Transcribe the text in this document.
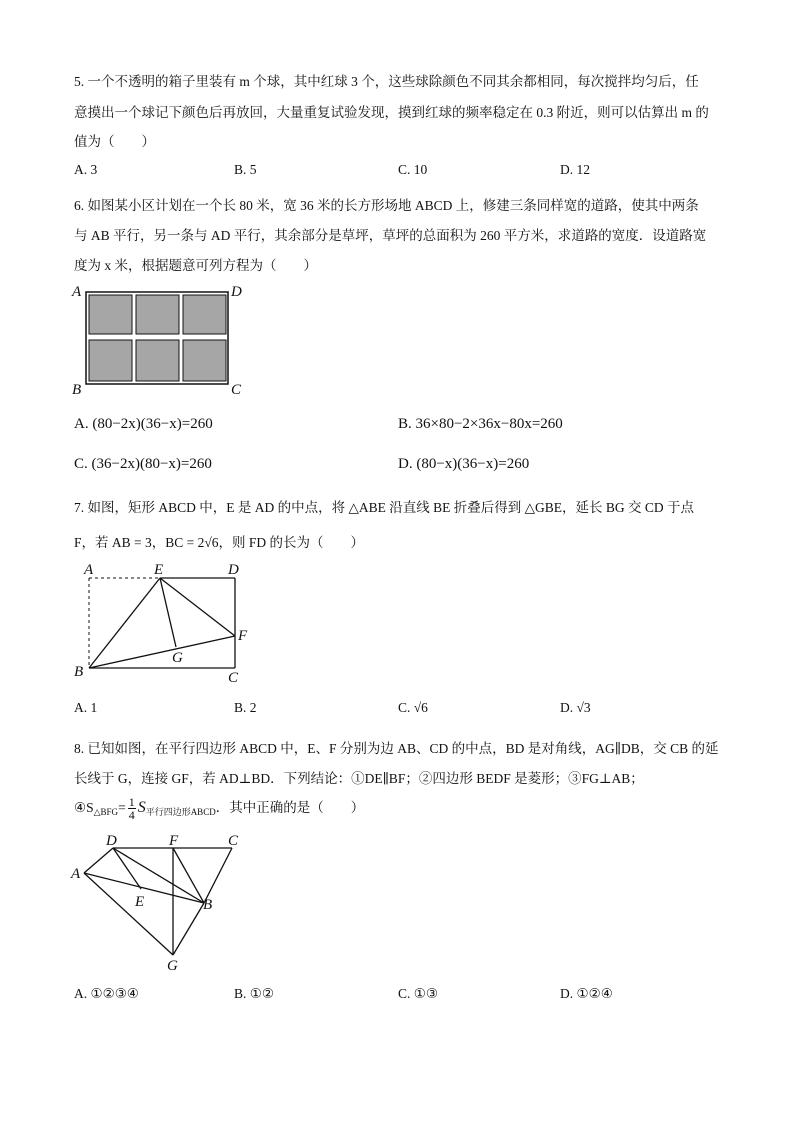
5. 一个不透明的箱子里装有 m 个球，其中红球 3 个，这些球除颜色不同其余都相同，每次搅拌均匀后，任
意摸出一个球记下颜色后再放回，大量重复试验发现，摸到红球的频率稳定在 0.3 附近，则可以估算出 m 的
值为（　　）
A. 3	B. 5	C. 10	D. 12
6. 如图某小区计划在一个长 80 米，宽 36 米的长方形场地 ABCD 上，修建三条同样宽的道路，使其中两条
与 AB 平行，另一条与 AD 平行，其余部分是草坪，草坪的总面积为 260 平方米，求道路的宽度．设道路宽
度为 x 米，根据题意可列方程为（　　）
A	D
B	C
A. (80−2x)(36−x)=260	B. 36×80−2×36x−80x=260
C. (36−2x)(80−x)=260	D. (80−x)(36−x)=260
7. 如图，矩形 ABCD 中，E 是 AD 的中点，将 △ABE 沿直线 BE 折叠后得到 △GBE，延长 BG 交 CD 于点
F，若 AB = 3，BC = 2√6，则 FD 的长为（　　）
A	E	D
F
G
B	C
A. 1	B. 2	C. √6	D. √3
8. 已知如图，在平行四边形 ABCD 中，E、F 分别为边 AB、CD 的中点，BD 是对角线，AG∥DB，交 CB 的延
长线于 G，连接 GF，若 AD⊥BD．下列结论：①DE∥BF；②四边形 BEDF 是菱形；③FG⊥AB；
$④S_{\triangle BFG}= \frac{1}{4} S_{平行四边形ABCD}$．其中正确的是（　　）
D	F	C
A
E	B
G
A. ①②③④	B. ①②	C. ①③	D. ①②④
